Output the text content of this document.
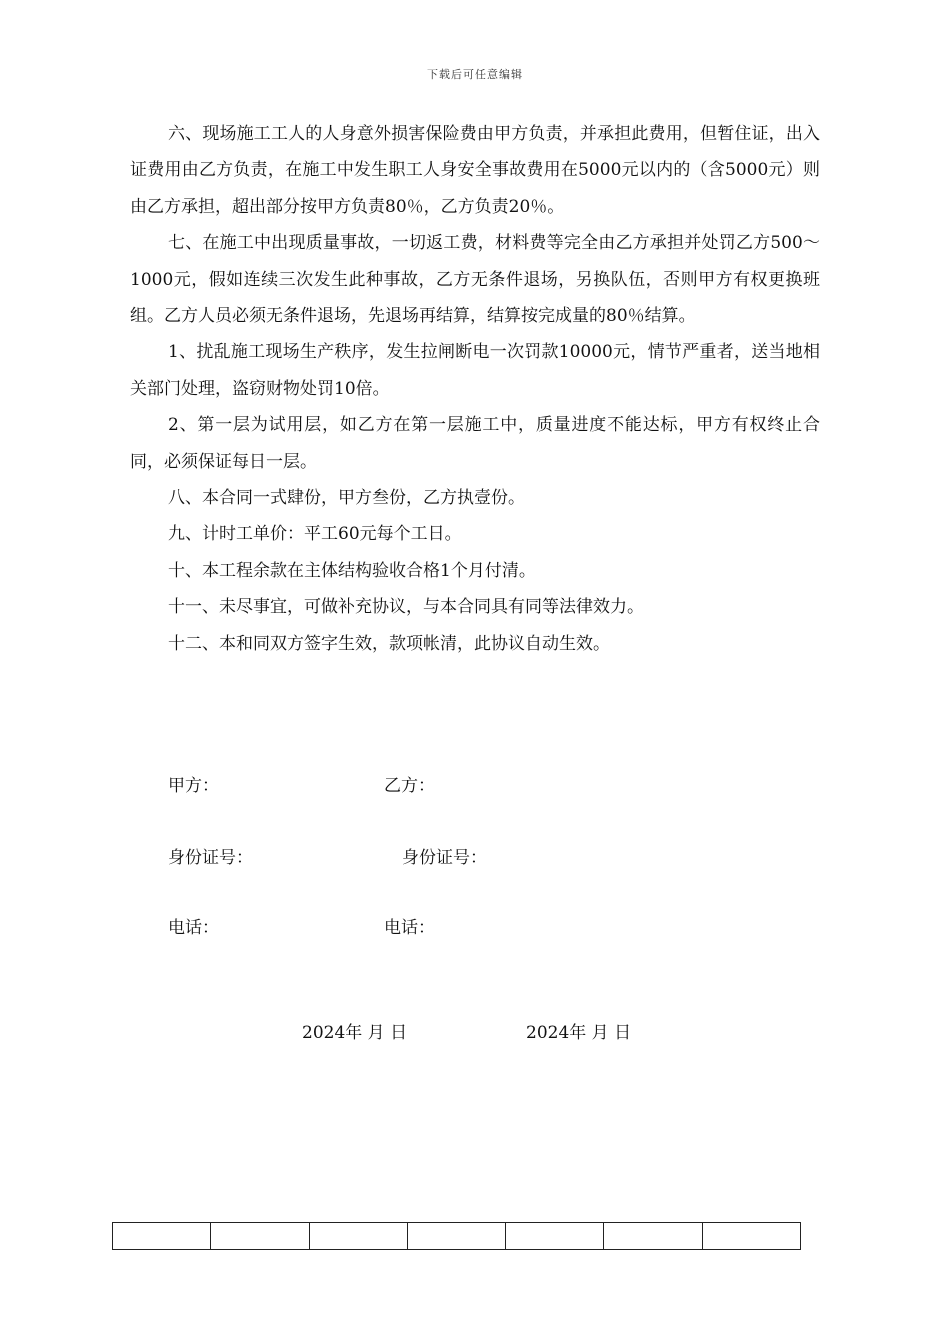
下载后可任意编辑

六、现场施工工人的人身意外损害保险费由甲方负责，并承担此费用，但暂住证，出入证费用由乙方负责，在施工中发生职工人身安全事故费用在5000元以内的（含5000元）则由乙方承担，超出部分按甲方负责80％，乙方负责20％。

七、在施工中出现质量事故，一切返工费，材料费等完全由乙方承担并处罚乙方500～1000元，假如连续三次发生此种事故，乙方无条件退场，另换队伍，否则甲方有权更换班组。乙方人员必须无条件退场，先退场再结算，结算按完成量的80％结算。

1、扰乱施工现场生产秩序，发生拉闸断电一次罚款10000元，情节严重者，送当地相关部门处理，盗窃财物处罚10倍。

2、第一层为试用层，如乙方在第一层施工中，质量进度不能达标，甲方有权终止合同，必须保证每日一层。

八、本合同一式肆份，甲方叁份，乙方执壹份。

九、计时工单价：平工60元每个工日。

十、本工程余款在主体结构验收合格1个月付清。

十一、未尽事宜，可做补充协议，与本合同具有同等法律效力。

十二、本和同双方签字生效，款项帐清，此协议自动生效。

甲方：	乙方：
身份证号：	身份证号：
电话：	电话：
2024年 月 日	2024年 月 日
